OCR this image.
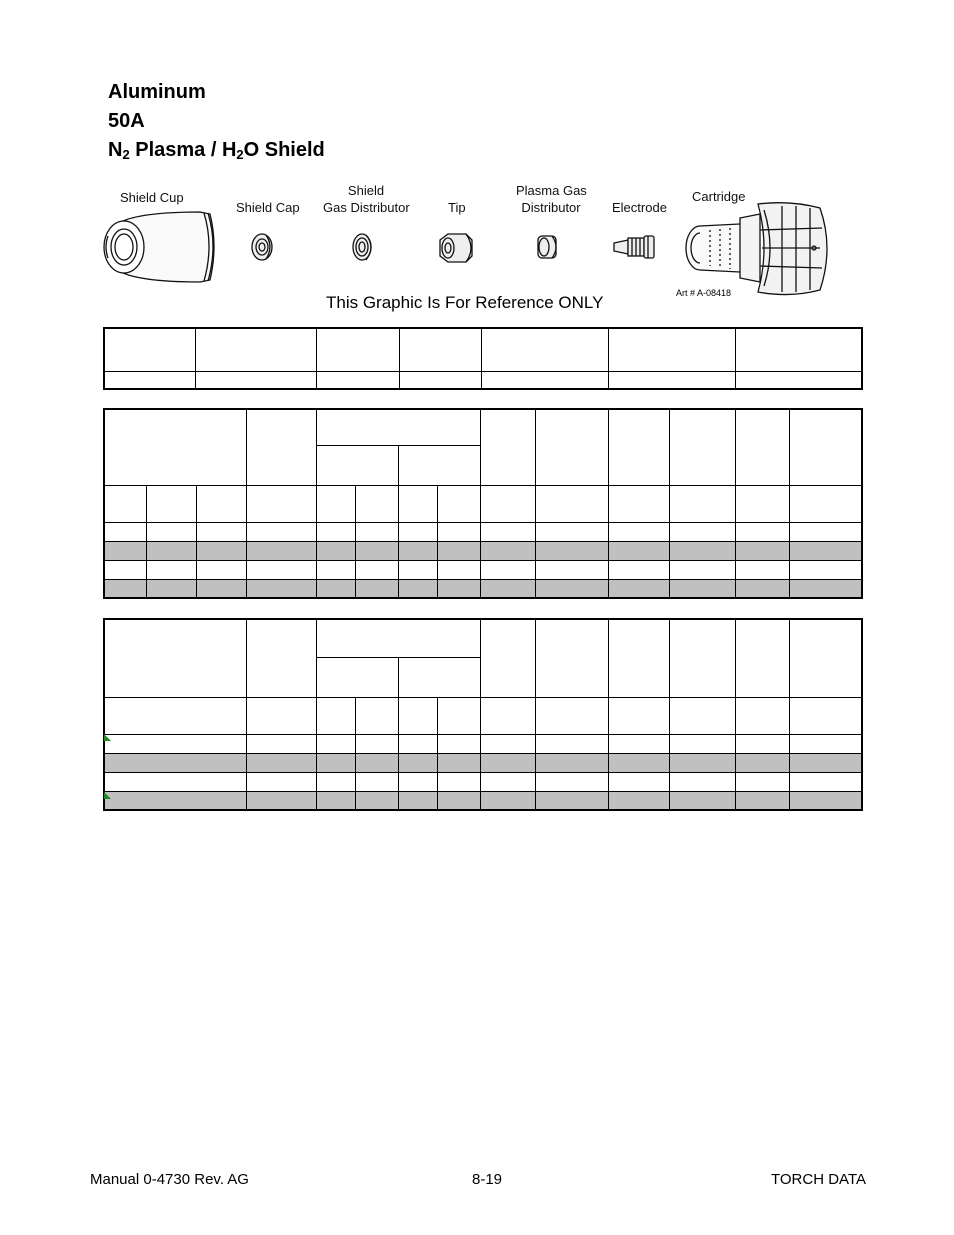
Aluminum
50A
$N_2$ Plasma / $H_2O$ Shield
Shield Cup
Shield Cap
Shield
Gas Distributor	Tip
Plasma Gas
Distributor	Electrode
Cartridge
Art # A-08418
This Graphic Is For Reference ONLY

Manual 0-4730 Rev. AG	8-19	TORCH DATA
